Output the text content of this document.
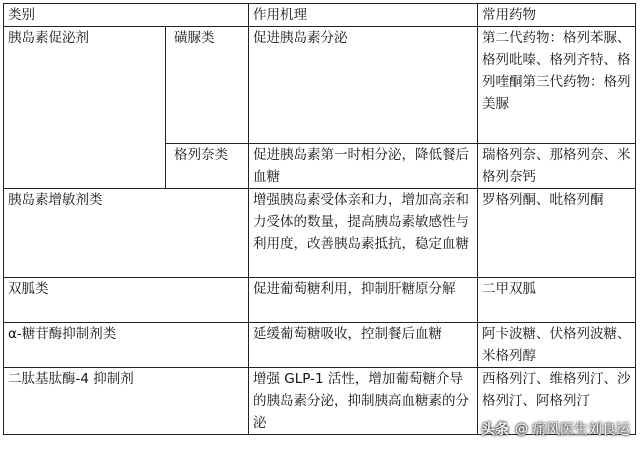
类别		作用机理	常用药物
胰岛素促泌剂	磺脲类	促进胰岛素分泌	第二代药物：格列苯脲、格列吡嗪、格列齐特、格列喹酮第三代药物：格列美脲
	格列奈类	促进胰岛素第一时相分泌，降低餐后血糖	瑞格列奈、那格列奈、米格列奈钙
胰岛素增敏剂类		增强胰岛素受体亲和力，增加高亲和力受体的数量，提高胰岛素敏感性与利用度，改善胰岛素抵抗，稳定血糖	罗格列酮、吡格列酮
双胍类		促进葡萄糖利用，抑制肝糖原分解	二甲双胍
α-糖苷酶抑制剂类		延缓葡萄糖吸收，控制餐后血糖	阿卡波糖、伏格列波糖、米格列醇
二肽基肽酶-4 抑制剂		增强 GLP-1 活性，增加葡萄糖介导的胰岛素分泌，抑制胰高血糖素的分泌	西格列汀、维格列汀、沙格列汀、阿格列汀
头条 @ 痛风医生刘良运
